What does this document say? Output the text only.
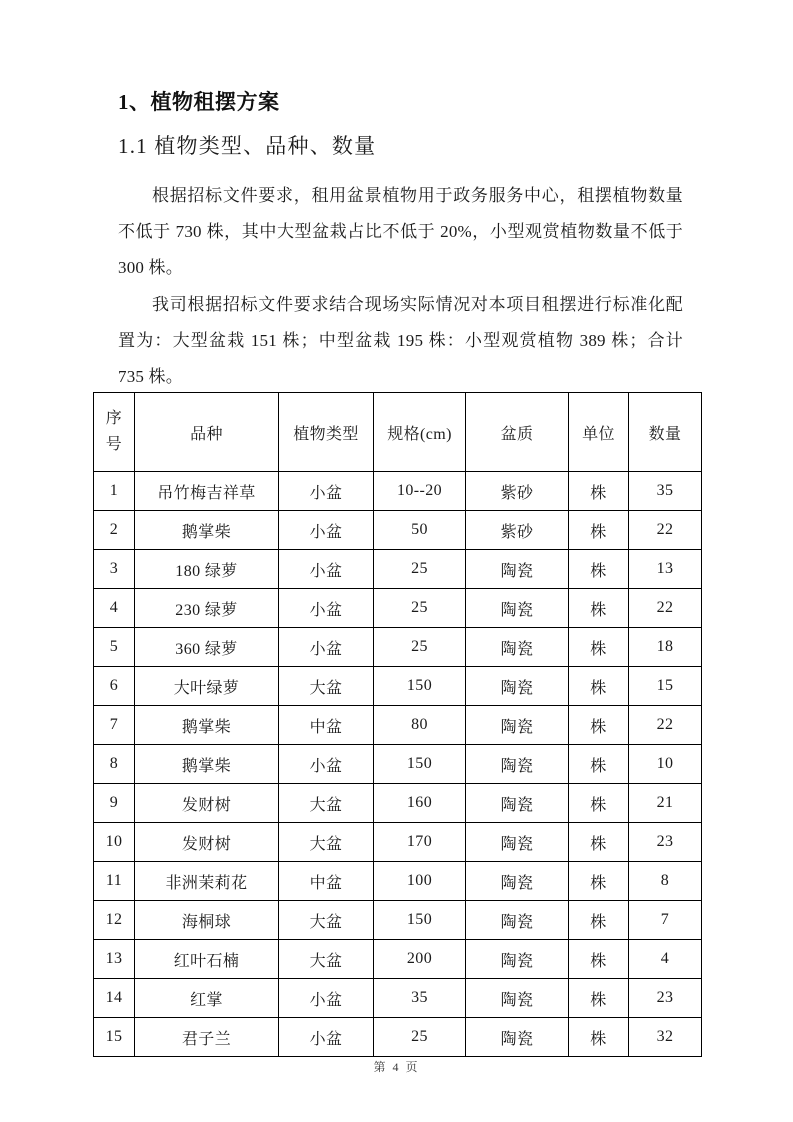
1、植物租摆方案
1.1 植物类型、品种、数量
根据招标文件要求，租用盆景植物用于政务服务中心，租摆植物数量不低于 730 株，其中大型盆栽占比不低于 20%，小型观赏植物数量不低于 300 株。
我司根据招标文件要求结合现场实际情况对本项目租摆进行标准化配置为：大型盆栽 151 株；中型盆栽 195 株：小型观赏植物 389 株；合计 735 株。
序
号	品种	植物类型	规格(cm)	盆质	单位	数量
1	吊竹梅吉祥草	小盆	10--20	紫砂	株	35
2	鹅掌柴	小盆	50	紫砂	株	22
3	180 绿萝	小盆	25	陶瓷	株	13
4	230 绿萝	小盆	25	陶瓷	株	22
5	360 绿萝	小盆	25	陶瓷	株	18
6	大叶绿萝	大盆	150	陶瓷	株	15
7	鹅掌柴	中盆	80	陶瓷	株	22
8	鹅掌柴	小盆	150	陶瓷	株	10
9	发财树	大盆	160	陶瓷	株	21
10	发财树	大盆	170	陶瓷	株	23
11	非洲茉莉花	中盆	100	陶瓷	株	8
12	海桐球	大盆	150	陶瓷	株	7
13	红叶石楠	大盆	200	陶瓷	株	4
14	红掌	小盆	35	陶瓷	株	23
15	君子兰	小盆	25	陶瓷	株	32
第 4 页
